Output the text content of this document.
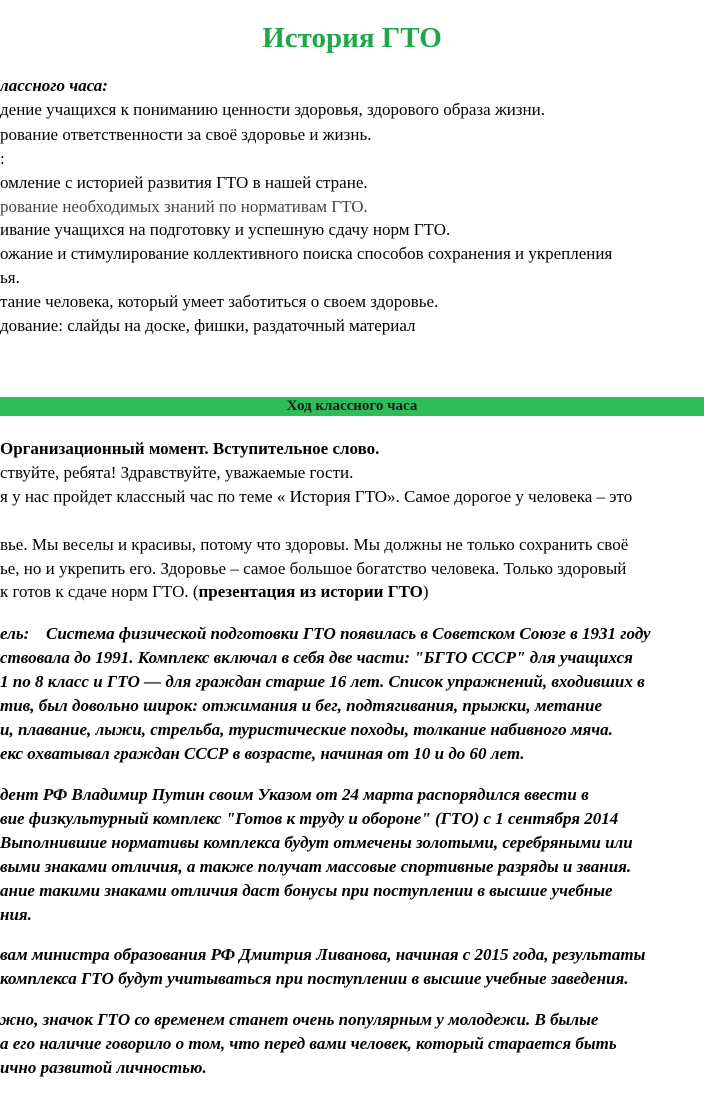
История ГТО
лассного часа:
дение учащихся к пониманию ценности здоровья, здорового образа жизни.
рование ответственности за своё здоровье и жизнь.
:
омление с историей развития ГТО в нашей стране.
рование необходимых знаний по нормативам ГТО.
ивание учащихся на подготовку и успешную сдачу норм ГТО.
ожание и стимулирование коллективного поиска способов сохранения и укрепления
ья.
тание человека, который умеет заботиться о своем здоровье.
дование: слайды на доске, фишки, раздаточный материал
Ход классного часа
Организационный момент. Вступительное слово.
ствуйте, ребята! Здравствуйте, уважаемые гости.
я у нас пройдет классный час по теме « История ГТО». Самое дорогое у человека – это
вье. Мы веселы и красивы, потому что здоровы. Мы должны не только сохранить своё
ье, но и укрепить его. Здоровье – самое большое богатство человека. Только здоровый
к готов к сдаче норм ГТО. (презентация из истории ГТО)
ель: Система физической подготовки ГТО появилась в Советском Союзе в 1931 году
ствовала до 1991. Комплекс включал в себя две части: "БГТО СССР" для учащихся
1 по 8 класс и ГТО — для граждан старше 16 лет. Список упражнений, входивших в
тив, был довольно широк: отжимания и бег, подтягивания, прыжки, метание
и, плавание, лыжи, стрельба, туристические походы, толкание набивного мяча.
екс охватывал граждан СССР в возрасте, начиная от 10 и до 60 лет.
дент РФ Владимир Путин своим Указом от 24 марта распорядился ввести в
вие физкультурный комплекс "Готов к труду и обороне" (ГТО) с 1 сентября 2014
Выполнившие нормативы комплекса будут отмечены золотыми, серебряными или
выми знаками отличия, а также получат массовые спортивные разряды и звания.
ание такими знаками отличия даст бонусы при поступлении в высшие учебные
ния.
вам министра образования РФ Дмитрия Ливанова, начиная с 2015 года, результаты
комплекса ГТО будут учитываться при поступлении в высшие учебные заведения.
жно, значок ГТО со временем станет очень популярным у молодежи. В былые
а его наличие говорило о том, что перед вами человек, который старается быть
ично развитой личностью.
